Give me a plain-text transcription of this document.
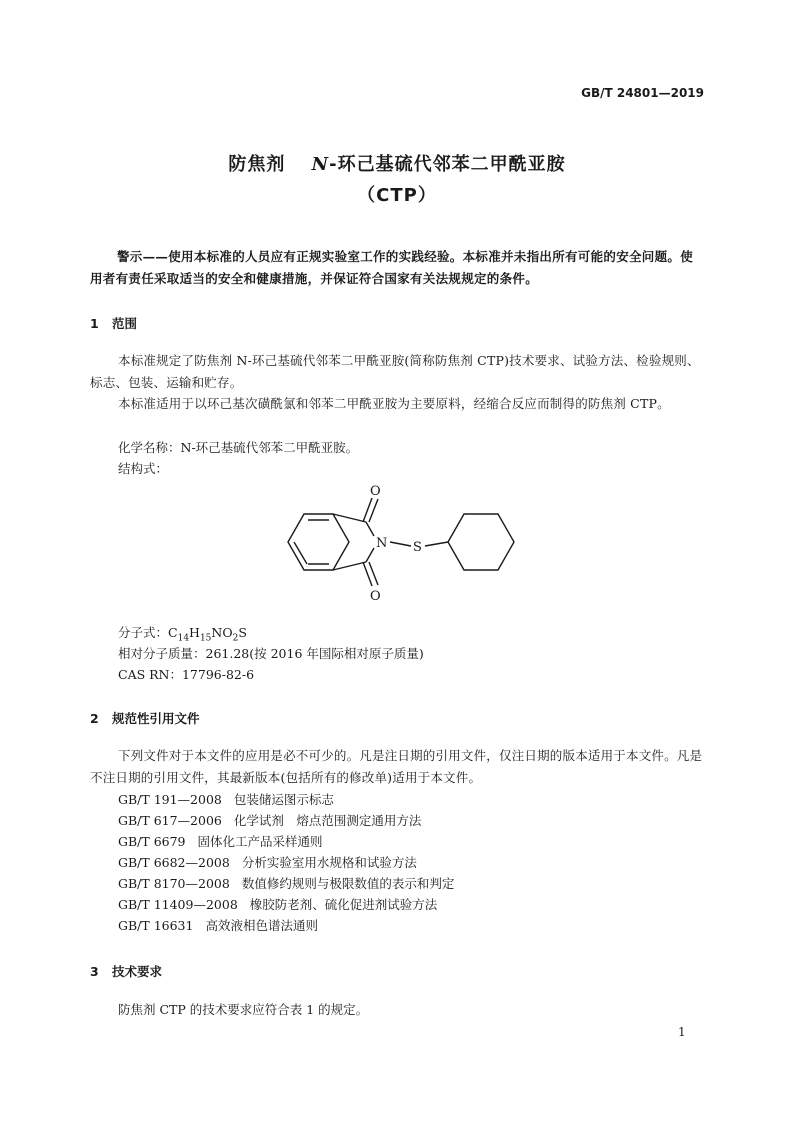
GB/T 24801—2019
防焦剂　 N-环己基硫代邻苯二甲酰亚胺
（CTP）
警示——使用本标准的人员应有正规实验室工作的实践经验。本标准并未指出所有可能的安全问题。使用者有责任采取适当的安全和健康措施，并保证符合国家有关法规规定的条件。
1 范围
本标准规定了防焦剂 N-环己基硫代邻苯二甲酰亚胺(简称防焦剂 CTP)技术要求、试验方法、检验规则、标志、包装、运输和贮存。
本标准适用于以环己基次磺酰氯和邻苯二甲酰亚胺为主要原料，经缩合反应而制得的防焦剂 CTP。
化学名称：N-环己基硫代邻苯二甲酰亚胺。
结构式：
O
N S
O
分子式：$C_{14}H_{15}NO_2S$
相对分子质量：261.28(按 2016 年国际相对原子质量)
CAS RN：17796-82-6
2 规范性引用文件
下列文件对于本文件的应用是必不可少的。凡是注日期的引用文件，仅注日期的版本适用于本文件。凡是不注日期的引用文件，其最新版本(包括所有的修改单)适用于本文件。
GB/T 191—2008 包装储运图示标志
GB/T 617—2006 化学试剂　熔点范围测定通用方法
GB/T 6679 固体化工产品采样通则
GB/T 6682—2008 分析实验室用水规格和试验方法
GB/T 8170—2008 数值修约规则与极限数值的表示和判定
GB/T 11409—2008 橡胶防老剂、硫化促进剂试验方法
GB/T 16631 高效液相色谱法通则
3 技术要求
防焦剂 CTP 的技术要求应符合表 1 的规定。
1
